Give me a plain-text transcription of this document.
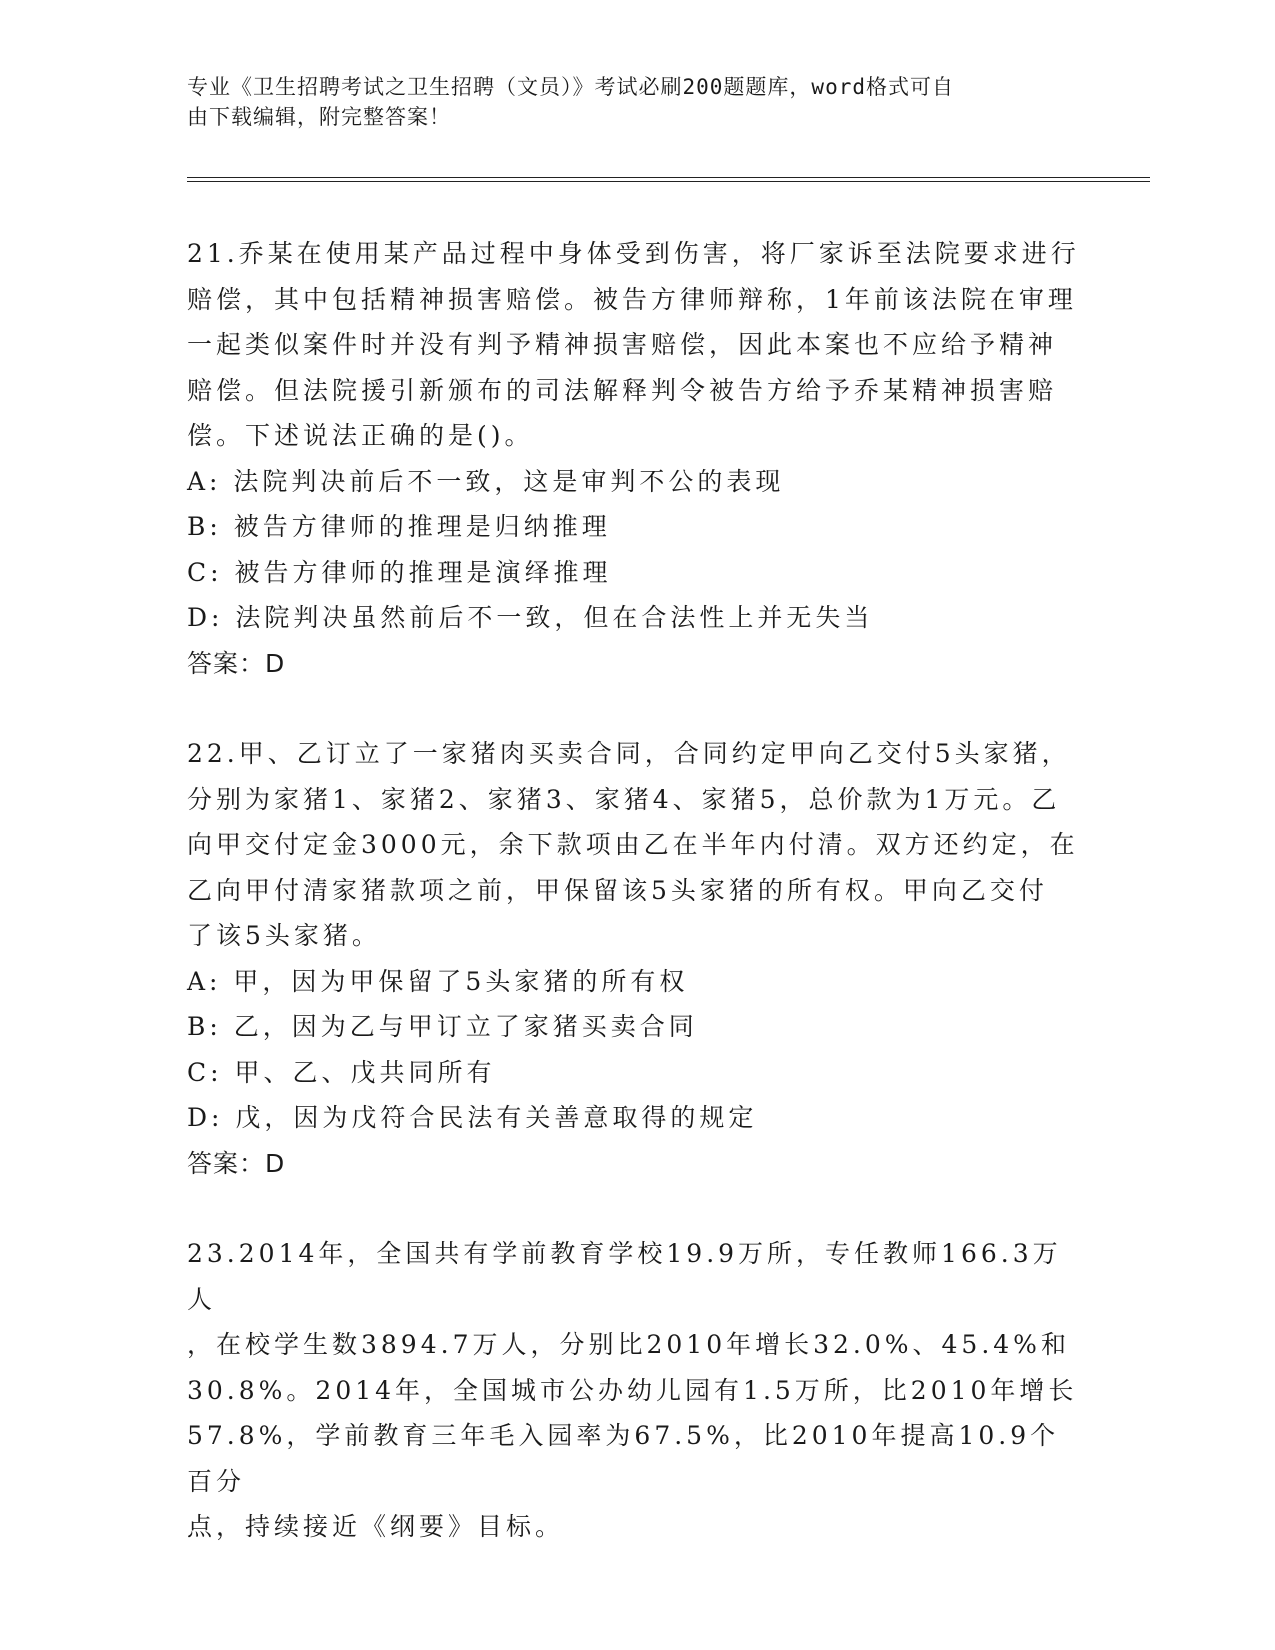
专业《卫生招聘考试之卫生招聘（文员）》考试必刷200题题库，word格式可自
由下载编辑，附完整答案！
21.乔某在使用某产品过程中身体受到伤害，将厂家诉至法院要求进行
赔偿，其中包括精神损害赔偿。被告方律师辩称，1年前该法院在审理
一起类似案件时并没有判予精神损害赔偿，因此本案也不应给予精神
赔偿。但法院援引新颁布的司法解释判令被告方给予乔某精神损害赔
偿。下述说法正确的是()。
A: 法院判决前后不一致，这是审判不公的表现
B: 被告方律师的推理是归纳推理
C: 被告方律师的推理是演绎推理
D: 法院判决虽然前后不一致，但在合法性上并无失当
答案：D
22.甲、乙订立了一家猪肉买卖合同，合同约定甲向乙交付5头家猪，
分别为家猪1、家猪2、家猪3、家猪4、家猪5，总价款为1万元。乙
向甲交付定金3000元，余下款项由乙在半年内付清。双方还约定，在
乙向甲付清家猪款项之前，甲保留该5头家猪的所有权。甲向乙交付
了该5头家猪。
A: 甲，因为甲保留了5头家猪的所有权
B: 乙，因为乙与甲订立了家猪买卖合同
C: 甲、乙、戊共同所有
D: 戊，因为戊符合民法有关善意取得的规定
答案：D
23.2014年，全国共有学前教育学校19.9万所，专任教师166.3万人
，在校学生数3894.7万人，分别比2010年增长32.0%、45.4%和
30.8%。2014年，全国城市公办幼儿园有1.5万所，比2010年增长
57.8%，学前教育三年毛入园率为67.5%，比2010年提高10.9个百分
点，持续接近《纲要》目标。
